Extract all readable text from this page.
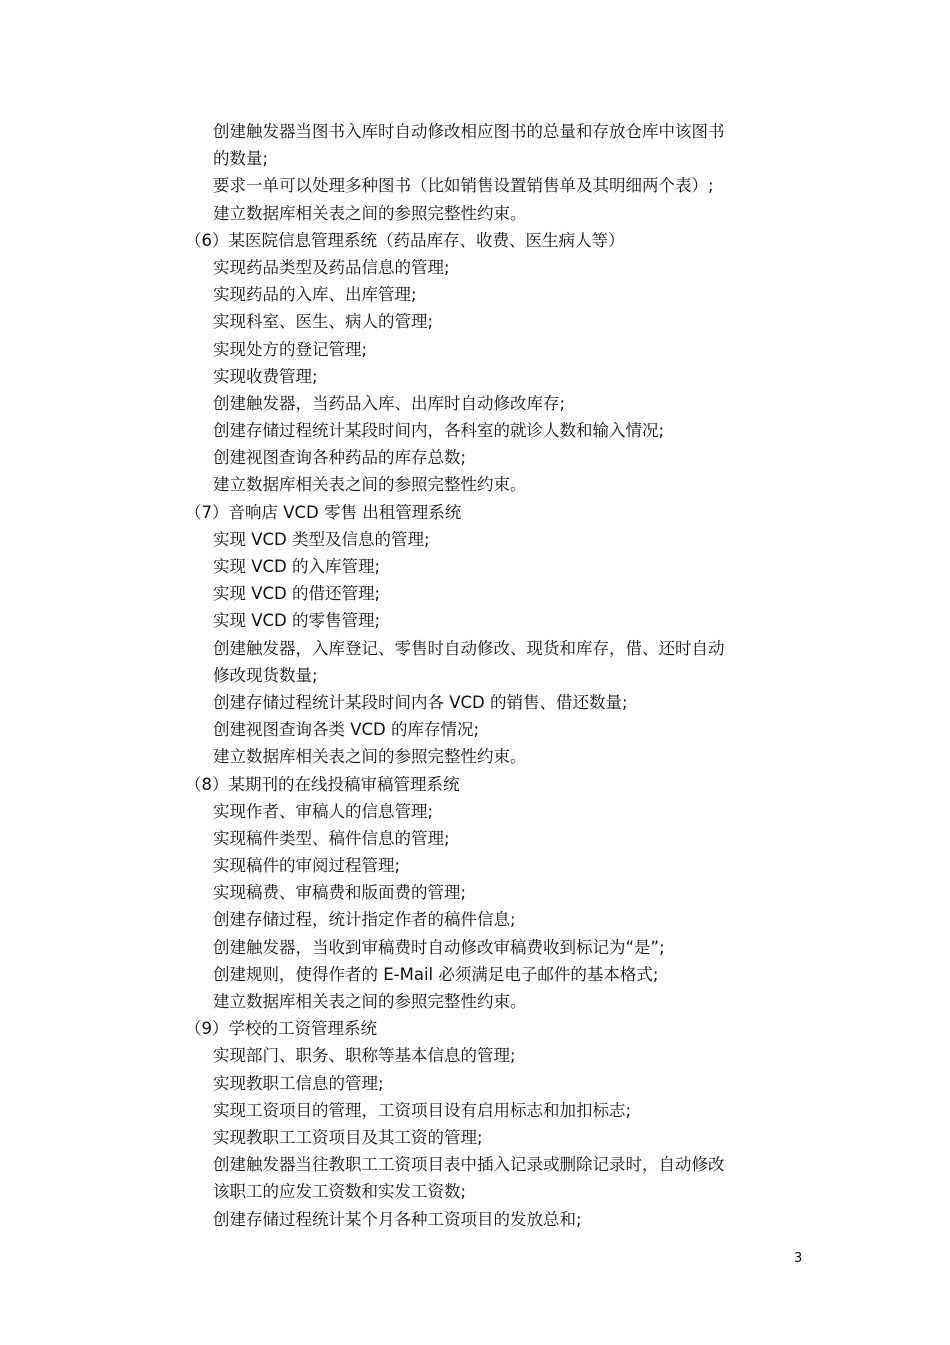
创建触发器当图书入库时自动修改相应图书的总量和存放仓库中该图书
的数量;
要求一单可以处理多种图书（比如销售设置销售单及其明细两个表）;
建立数据库相关表之间的参照完整性约束。
（6）某医院信息管理系统（药品库存、收费、医生病人等）
实现药品类型及药品信息的管理;
实现药品的入库、出库管理;
实现科室、医生、病人的管理;
实现处方的登记管理;
实现收费管理;
创建触发器，当药品入库、出库时自动修改库存;
创建存储过程统计某段时间内，各科室的就诊人数和输入情况;
创建视图查询各种药品的库存总数;
建立数据库相关表之间的参照完整性约束。
（7）音响店 VCD 零售 出租管理系统
实现 VCD 类型及信息的管理;
实现 VCD 的入库管理;
实现 VCD 的借还管理;
实现 VCD 的零售管理;
创建触发器，入库登记、零售时自动修改、现货和库存，借、还时自动
修改现货数量;
创建存储过程统计某段时间内各 VCD 的销售、借还数量;
创建视图查询各类 VCD 的库存情况;
建立数据库相关表之间的参照完整性约束。
（8）某期刊的在线投稿审稿管理系统
实现作者、审稿人的信息管理;
实现稿件类型、稿件信息的管理;
实现稿件的审阅过程管理;
实现稿费、审稿费和版面费的管理;
创建存储过程，统计指定作者的稿件信息;
创建触发器，当收到审稿费时自动修改审稿费收到标记为“是”;
创建规则，使得作者的 E-Mail 必须满足电子邮件的基本格式;
建立数据库相关表之间的参照完整性约束。
（9）学校的工资管理系统
实现部门、职务、职称等基本信息的管理;
实现教职工信息的管理;
实现工资项目的管理，工资项目设有启用标志和加扣标志;
实现教职工工资项目及其工资的管理;
创建触发器当往教职工工资项目表中插入记录或删除记录时，自动修改
该职工的应发工资数和实发工资数;
创建存储过程统计某个月各种工资项目的发放总和;
3
